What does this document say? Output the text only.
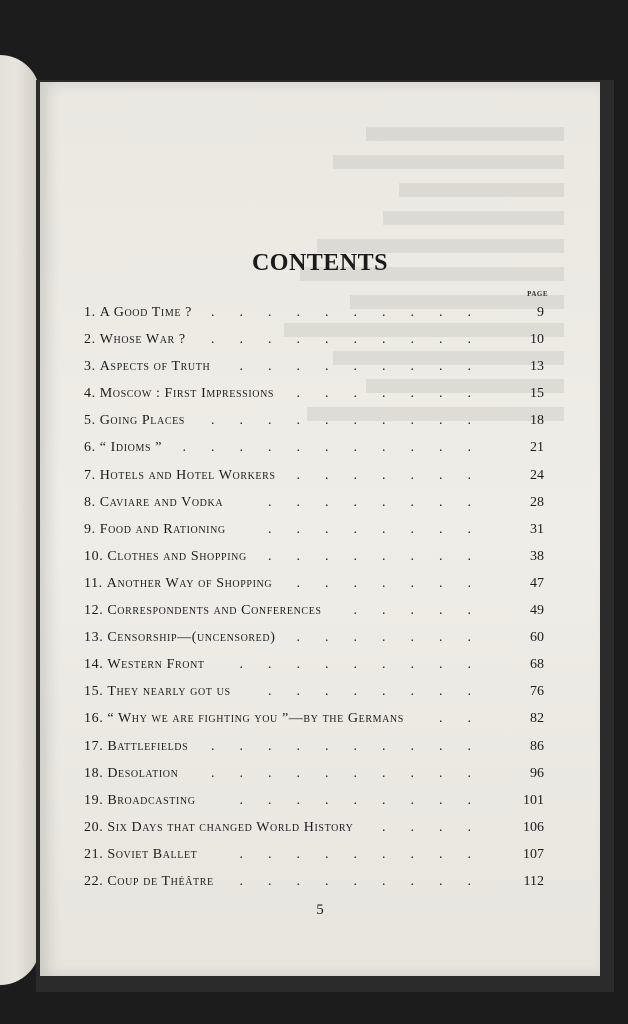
CONTENTS
PAGE
1. A Good Time ?	..........	9
2. Whose War ?	..........	10
3. Aspects of Truth	.........	13
4. Moscow : First Impressions	.......	15
5. Going Places	..........	18
6. “ Idioms ”	...........	21
7. Hotels and Hotel Workers	.......	24
8. Caviare and Vodka	........	28
9. Food and Rationing	........	31
10. Clothes and Shopping	........	38
11. Another Way of Shopping	.......	47
12. Correspondents and Conferences	.....	49
13. Censorship—(uncensored)	.......	60
14. Western Front	.........	68
15. They nearly got us	........	76
16. “ Why we are fighting you ”—by the Germans	..	82
17. Battlefields	..........	86
18. Desolation	..........	96
19. Broadcasting	.........	101
20. Six Days that changed World History	....	106
21. Soviet Ballet	.........	107
22. Coup de Théâtre	.........	112
5
